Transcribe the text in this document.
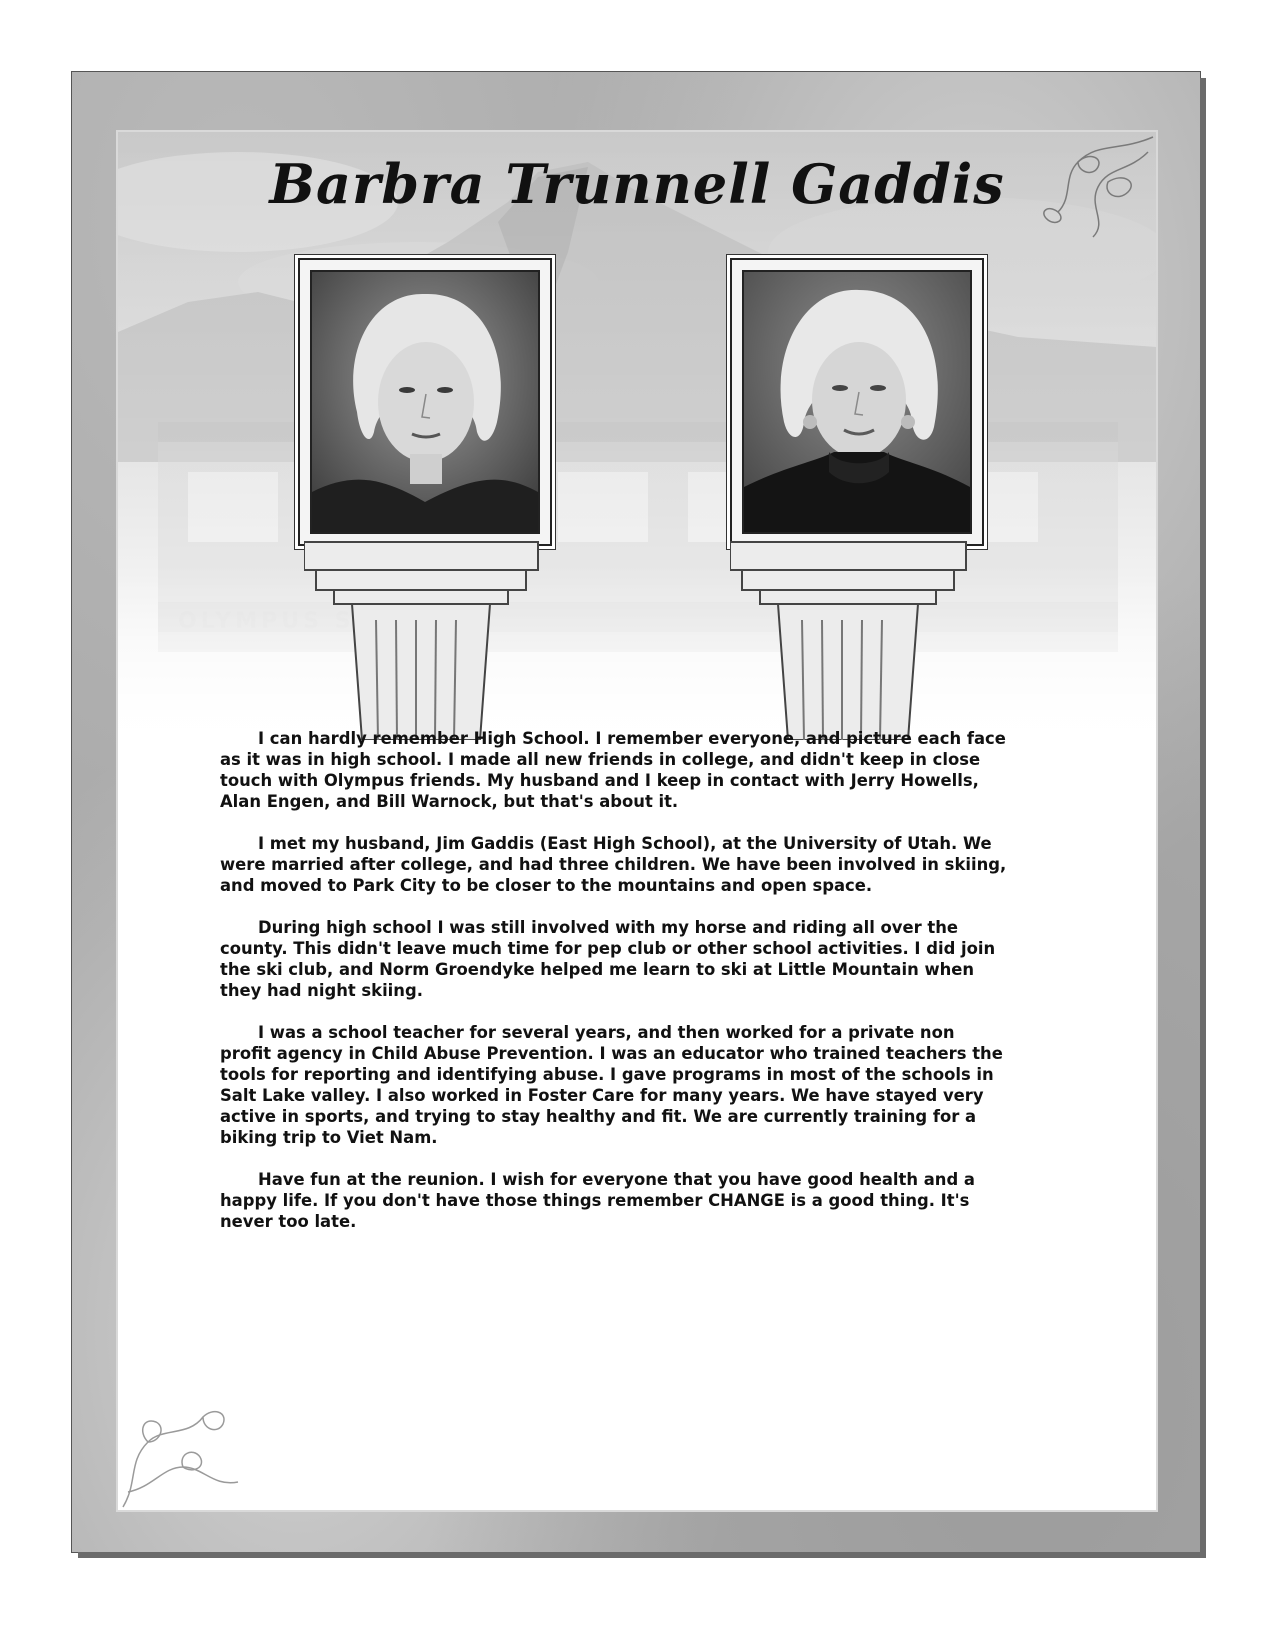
Barbra Trunnell Gaddis

I can hardly remember High School. I remember everyone, and picture each face as it was in high school. I made all new friends in college, and didn't keep in close touch with Olympus friends. My husband and I keep in contact with Jerry Howells, Alan Engen, and Bill Warnock, but that's about it.

I met my husband, Jim Gaddis (East High School), at the University of Utah. We were married after college, and had three children. We have been involved in skiing, and moved to Park City to be closer to the mountains and open space.

During high school I was still involved with my horse and riding all over the county. This didn't leave much time for pep club or other school activities. I did join the ski club, and Norm Groendyke helped me learn to ski at Little Mountain when they had night skiing.

I was a school teacher for several years, and then worked for a private non profit agency in Child Abuse Prevention. I was an educator who trained teachers the tools for reporting and identifying abuse. I gave programs in most of the schools in Salt Lake valley. I also worked in Foster Care for many years. We have stayed very active in sports, and trying to stay healthy and fit. We are currently training for a biking trip to Viet Nam.

Have fun at the reunion. I wish for everyone that you have good health and a happy life. If you don't have those things remember CHANGE is a good thing. It's never too late.
